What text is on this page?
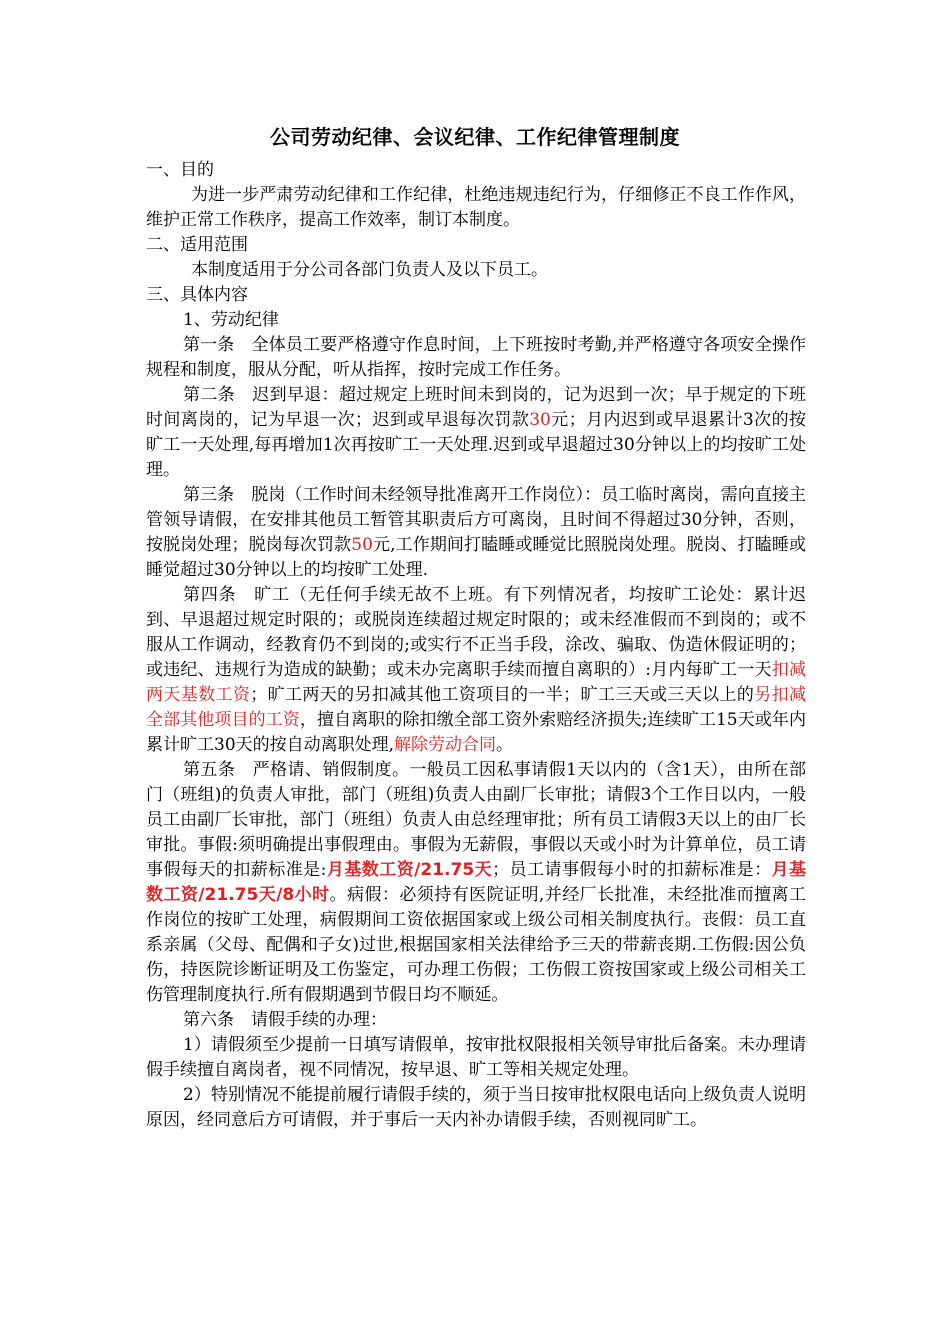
公司劳动纪律、会议纪律、工作纪律管理制度

一、目的

为进一步严肃劳动纪律和工作纪律，杜绝违规违纪行为，仔细修正不良工作作风，维护正常工作秩序，提高工作效率，制订本制度。

二、适用范围

本制度适用于分公司各部门负责人及以下员工。

三、具体内容

1、劳动纪律

第一条 全体员工要严格遵守作息时间，上下班按时考勤,并严格遵守各项安全操作规程和制度，服从分配，听从指挥，按时完成工作任务。

第二条 迟到早退：超过规定上班时间未到岗的，记为迟到一次；早于规定的下班时间离岗的，记为早退一次；迟到或早退每次罚款30元；月内迟到或早退累计3次的按旷工一天处理,每再增加1次再按旷工一天处理.迟到或早退超过30分钟以上的均按旷工处理。

第三条 脱岗（工作时间未经领导批准离开工作岗位）：员工临时离岗，需向直接主管领导请假，在安排其他员工暂管其职责后方可离岗，且时间不得超过30分钟，否则，按脱岗处理；脱岗每次罚款50元,工作期间打瞌睡或睡觉比照脱岗处理。脱岗、打瞌睡或睡觉超过30分钟以上的均按旷工处理.

第四条 旷工（无任何手续无故不上班。有下列情况者，均按旷工论处：累计迟到、早退超过规定时限的；或脱岗连续超过规定时限的；或未经准假而不到岗的；或不服从工作调动，经教育仍不到岗的;或实行不正当手段，涂改、骗取、伪造休假证明的；或违纪、违规行为造成的缺勤；或未办完离职手续而擅自离职的）:月内每旷工一天扣减两天基数工资；旷工两天的另扣减其他工资项目的一半；旷工三天或三天以上的另扣减全部其他项目的工资，擅自离职的除扣缴全部工资外索赔经济损失;连续旷工15天或年内累计旷工30天的按自动离职处理,解除劳动合同。

第五条 严格请、销假制度。一般员工因私事请假1天以内的（含1天），由所在部门（班组)的负责人审批，部门（班组)负责人由副厂长审批；请假3个工作日以内，一般员工由副厂长审批，部门（班组）负责人由总经理审批；所有员工请假3天以上的由厂长审批。事假:须明确提出事假理由。事假为无薪假，事假以天或小时为计算单位，员工请事假每天的扣薪标准是:月基数工资/21.75天；员工请事假每小时的扣薪标准是：月基数工资/21.75天/8小时。病假：必须持有医院证明,并经厂长批准，未经批准而擅离工作岗位的按旷工处理，病假期间工资依据国家或上级公司相关制度执行。丧假：员工直系亲属（父母、配偶和子女)过世,根据国家相关法律给予三天的带薪丧期.工伤假:因公负伤，持医院诊断证明及工伤鉴定，可办理工伤假；工伤假工资按国家或上级公司相关工伤管理制度执行.所有假期遇到节假日均不顺延。

第六条 请假手续的办理：

1）请假须至少提前一日填写请假单，按审批权限报相关领导审批后备案。未办理请假手续擅自离岗者，视不同情况，按早退、旷工等相关规定处理。

2）特别情况不能提前履行请假手续的，须于当日按审批权限电话向上级负责人说明原因，经同意后方可请假，并于事后一天内补办请假手续，否则视同旷工。
